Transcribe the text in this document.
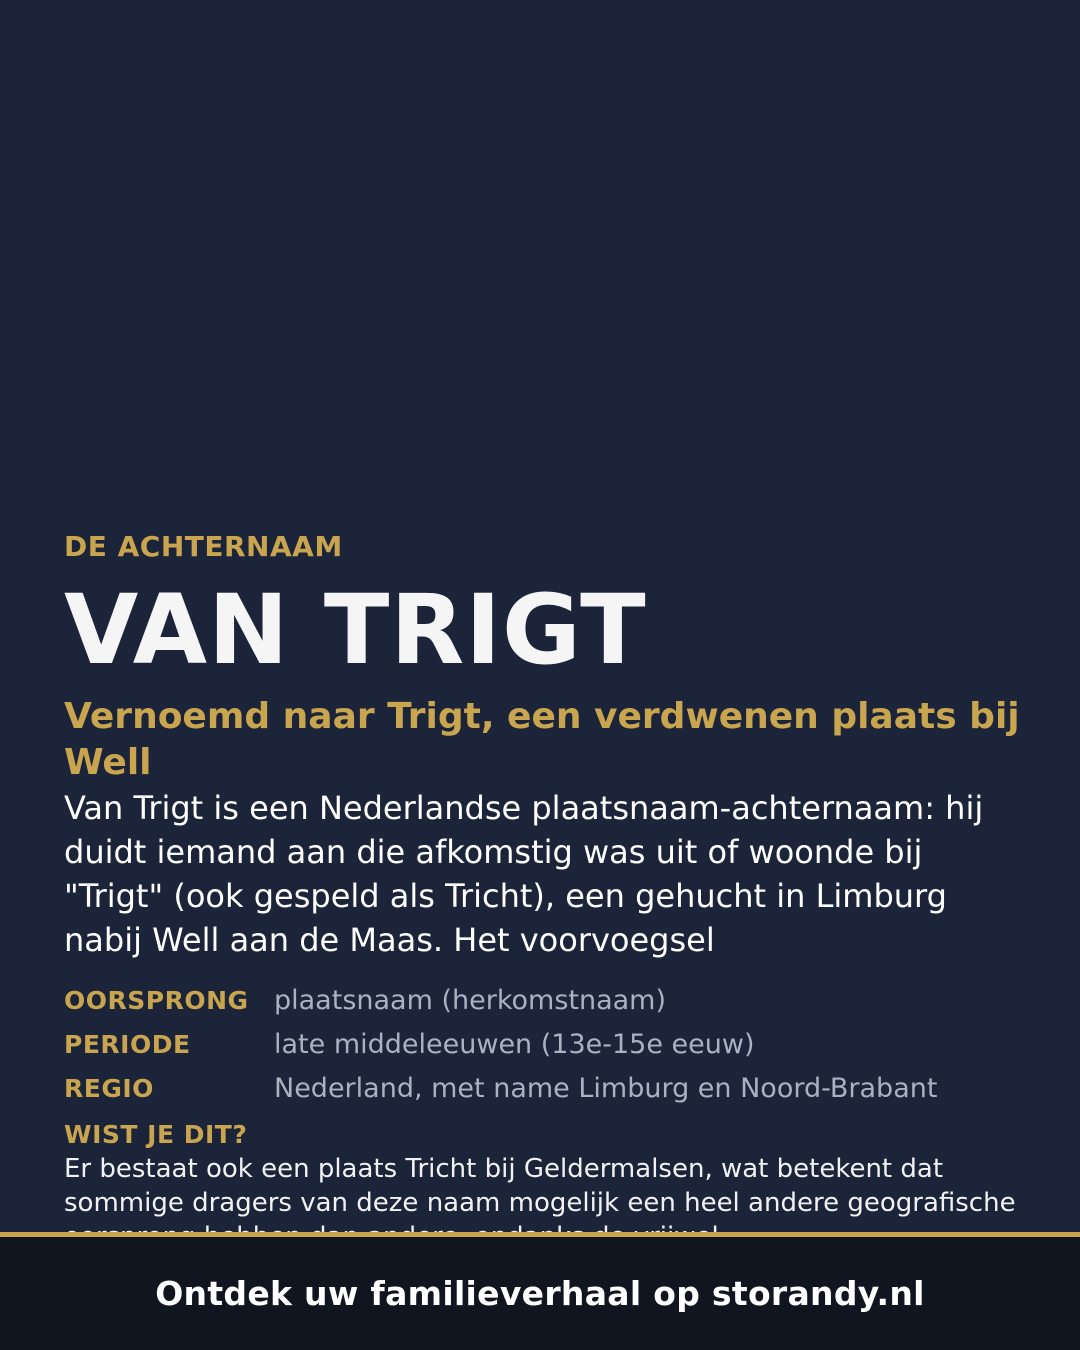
DE ACHTERNAAM

VAN TRIGT
Vernoemd naar Trigt, een verdwenen plaats bij Well

Van Trigt is een Nederlandse plaatsnaam-achternaam: hij duidt iemand aan die afkomstig was uit of woonde bij "Trigt" (ook gespeld als Tricht), een gehucht in Limburg nabij Well aan de Maas. Het voorvoegsel

OORSPRONG plaatsnaam (herkomstnaam)
PERIODE	late middeleeuwen (13e-15e eeuw)
REGIO	Nederland, met name Limburg en Noord-Brabant

WIST JE DIT?

Er bestaat ook een plaats Tricht bij Geldermalsen, wat betekent dat sommige dragers van deze naam mogelijk een heel andere geografische

Ontdek uw familieverhaal op storandy.nl
